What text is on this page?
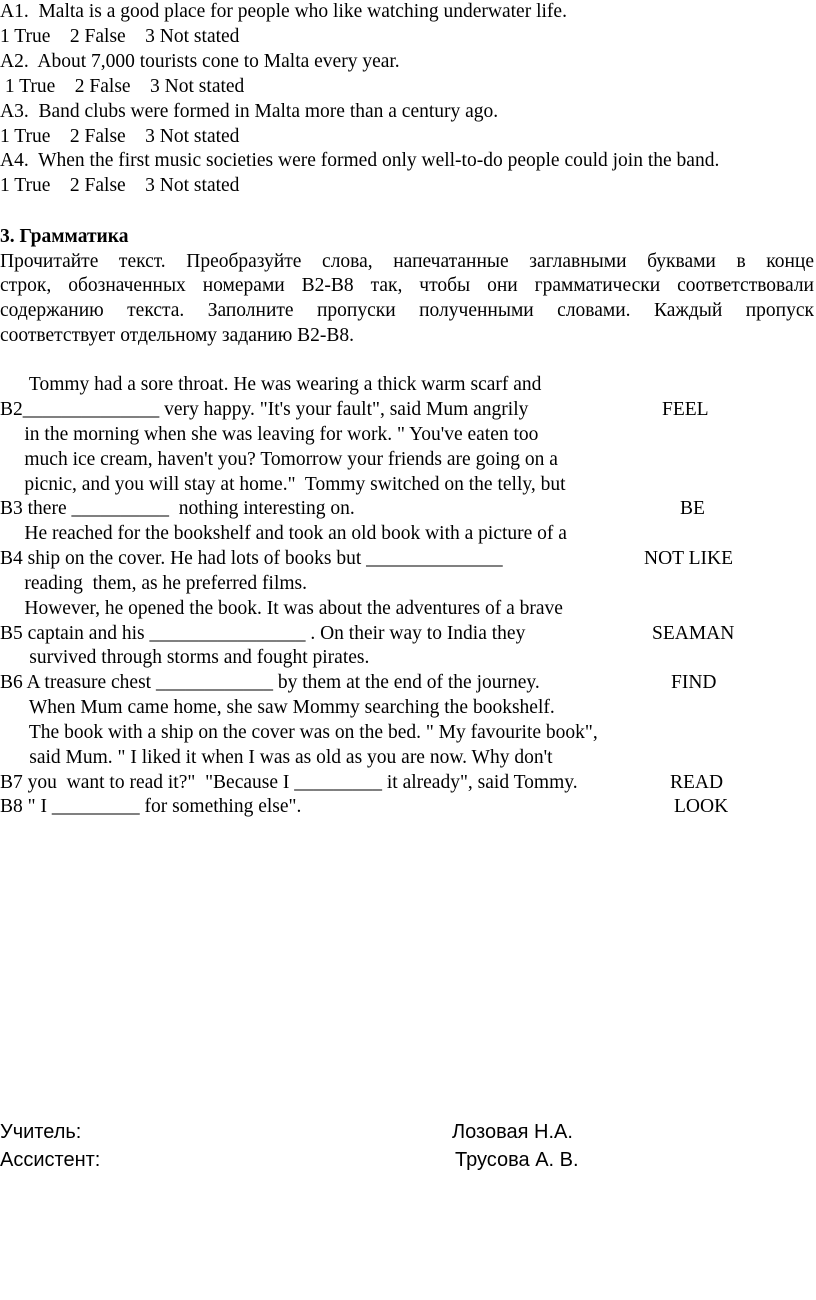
A1.  Malta is a good place for people who like watching underwater life.
1 True    2 False    3 Not stated
A2.  About 7,000 tourists cone to Malta every year.
1 True    2 False    3 Not stated
A3.  Band clubs were formed in Malta more than a century ago.
1 True    2 False    3 Not stated
A4.  When the first music societies were formed only well-to-do people could join the band.
1 True    2 False    3 Not stated
3. Грамматика
Прочитайте текст. Преобразуйте слова, напечатанные заглавными буквами в конце
строк, обозначенных номерами В2-В8 так, чтобы они грамматически соответствовали
содержанию текста. Заполните пропуски полученными словами. Каждый пропуск
соответствует отдельному заданию В2-В8.
Tommy had a sore throat. He was wearing a thick warm scarf and
B2______________ very happy. "It's your fault", said Mum angrily
in the morning when she was leaving for work. " You've eaten too
much ice cream, haven't you? Tomorrow your friends are going on a
picnic, and you will stay at home."  Tommy switched on the telly, but
B3 there __________  nothing interesting on.
He reached for the bookshelf and took an old book with a picture of a
B4 ship on the cover. He had lots of books but ______________
reading  them, as he preferred films.
However, he opened the book. It was about the adventures of a brave
B5 captain and his ________________ . On their way to India they
survived through storms and fought pirates.
B6 A treasure chest ____________ by them at the end of the journey.
When Mum came home, she saw Mommy searching the bookshelf.
The book with a ship on the cover was on the bed. " My favourite book",
said Mum. " I liked it when I was as old as you are now. Why don't
B7 you  want to read it?"  "Because I _________ it already", said Tommy.
B8 " I _________ for something else".
FEEL
BE
NOT LIKE
SEAMAN
FIND
READ
LOOK
Учитель:	Лозовая Н.А.
Ассистент:	Трусова А. В.
